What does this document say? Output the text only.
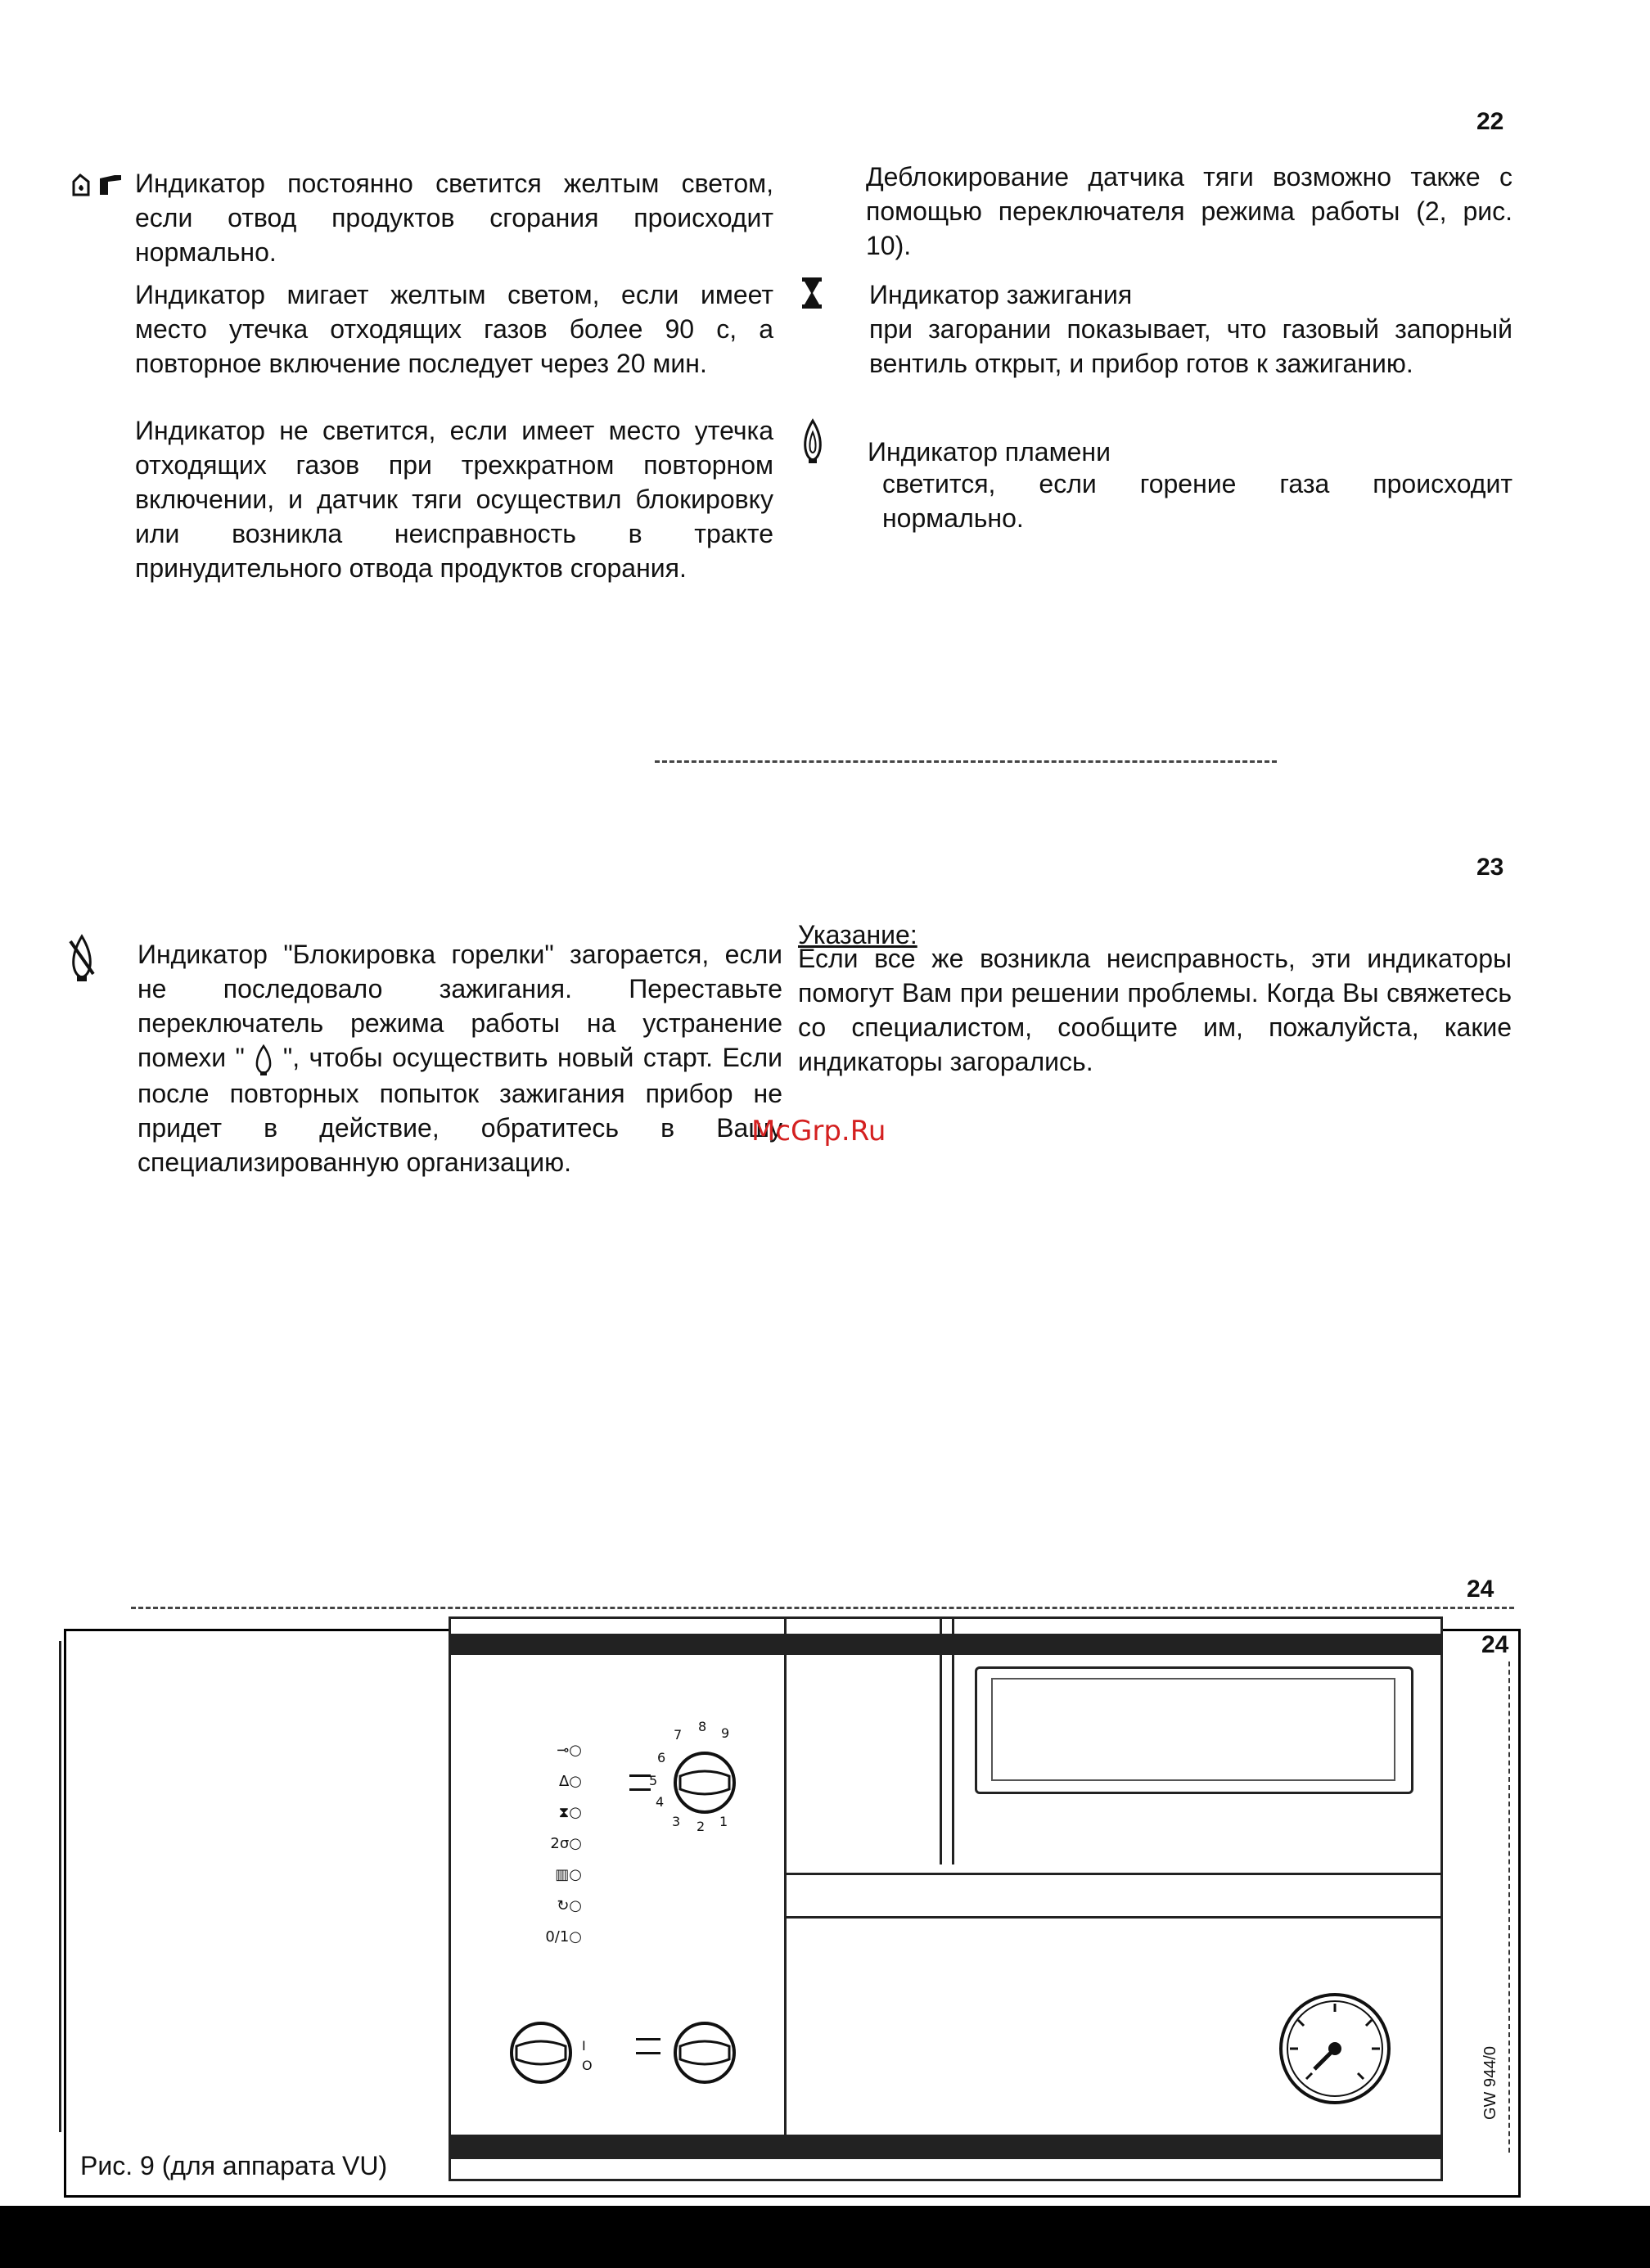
22
Индикатор постоянно светится желтым светом, если отвод продуктов сгорания происходит нормально.
Индикатор мигает желтым светом, если имеет место утечка отходящих газов более 90 с, а повторное включение последует через 20 мин.
Индикатор не светится, если имеет место утечка отходящих газов при трехкратном повторном включении, и датчик тяги осуществил блокировку или возникла неисправность в тракте принудительного отвода продуктов сгорания.
Деблокирование датчика тяги возможно также с помощью переключателя режима работы (2, рис. 10).
Индикатор зажигания
при загорании показывает, что газовый запорный вентиль открыт, и прибор готов к зажиганию.
Индикатор пламени
светится, если горение газа происходит нормально.
23
Индикатор "Блокировка горелки" загорается, если не последовало зажигания. Переставьте переключатель режима работы на устранение помехи " ", чтобы осуществить новый старт. Если после повторных попыток зажигания прибор не придет в действие, обратитесь в Вашу специализированную организацию.
Указание:
Если все же возникла неисправность, эти индикаторы помогут Вам при решении проблемы. Когда Вы свяжетесь со специалистом, сообщите им, пожалуйста, какие индикаторы загорались.
McGrp.Ru
24
24
⊸○
ᐃ○
⧗○
2σ○
▥○
↻○
0/1○
7
8 9
6
5
4
3 2 1
I
O	GW 944/0
Рис. 9 (для аппарата VU)
